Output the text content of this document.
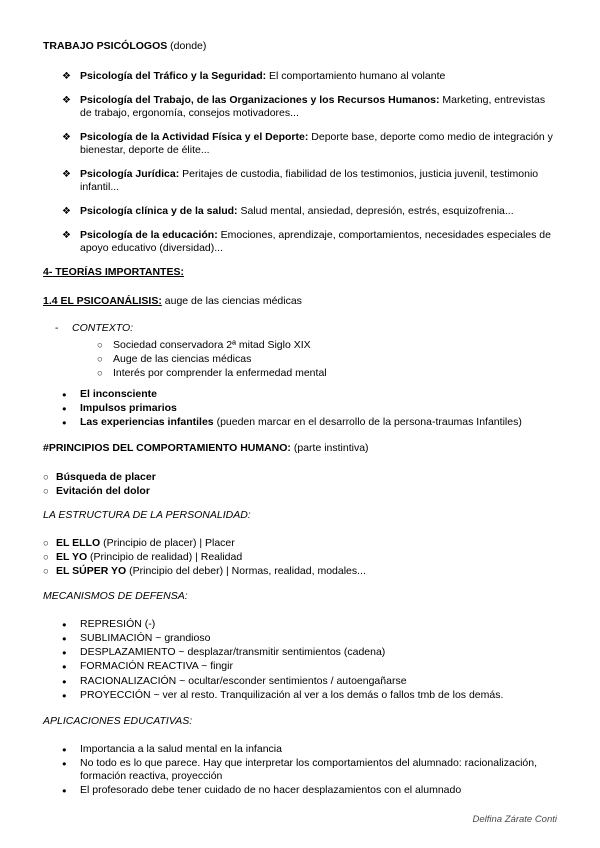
TRABAJO PSICÓLOGOS (donde)

❖ Psicología del Tráfico y la Seguridad: El comportamiento humano al volante
❖ Psicología del Trabajo, de las Organizaciones y los Recursos Humanos: Marketing, entrevistas de trabajo, ergonomía, consejos motivadores...
❖ Psicología de la Actividad Física y el Deporte: Deporte base, deporte como medio de integración y bienestar, deporte de élite...
❖ Psicología Jurídica: Peritajes de custodia, fiabilidad de los testimonios, justicia juvenil, testimonio infantil...
❖ Psicología clínica y de la salud: Salud mental, ansiedad, depresión, estrés, esquizofrenia...
❖ Psicología de la educación: Emociones, aprendizaje, comportamientos, necesidades especiales de apoyo educativo (diversidad)...

4- TEORÍAS IMPORTANTES:

1.4 EL PSICOANÁLISIS: auge de las ciencias médicas

-	CONTEXTO:
○ Sociedad conservadora 2ª mitad Siglo XIX
○ Auge de las ciencias médicas
○ Interés por comprender la enfermedad mental
●	El inconsciente
●	Impulsos primarios
●	Las experiencias infantiles (pueden marcar en el desarrollo de la persona-traumas Infantiles)

#PRINCIPIOS DEL COMPORTAMIENTO HUMANO: (parte instintiva)

○ Búsqueda de placer
○ Evitación del dolor

LA ESTRUCTURA DE LA PERSONALIDAD:

○ EL ELLO (Principio de placer) | Placer
○ EL YO (Principio de realidad) | Realidad
○ EL SÚPER YO (Principio del deber) | Normas, realidad, modales...

MECANISMOS DE DEFENSA:

●	REPRESIÓN (-)
●	SUBLIMACIÓN ~ grandioso
●	DESPLAZAMIENTO ~ desplazar/transmitir sentimientos (cadena)
●	FORMACIÓN REACTIVA ~ fingir
●	RACIONALIZACIÓN ~ ocultar/esconder sentimientos / autoengañarse
●	PROYECCIÓN ~ ver al resto. Tranquilización al ver a los demás o fallos tmb de los demás.

APLICACIONES EDUCATIVAS:

●	Importancia a la salud mental en la infancia
●	No todo es lo que parece. Hay que interpretar los comportamientos del alumnado: racionalización, formación reactiva, proyección
●	El profesorado debe tener cuidado de no hacer desplazamientos con el alumnado
Delfina Zárate Conti
